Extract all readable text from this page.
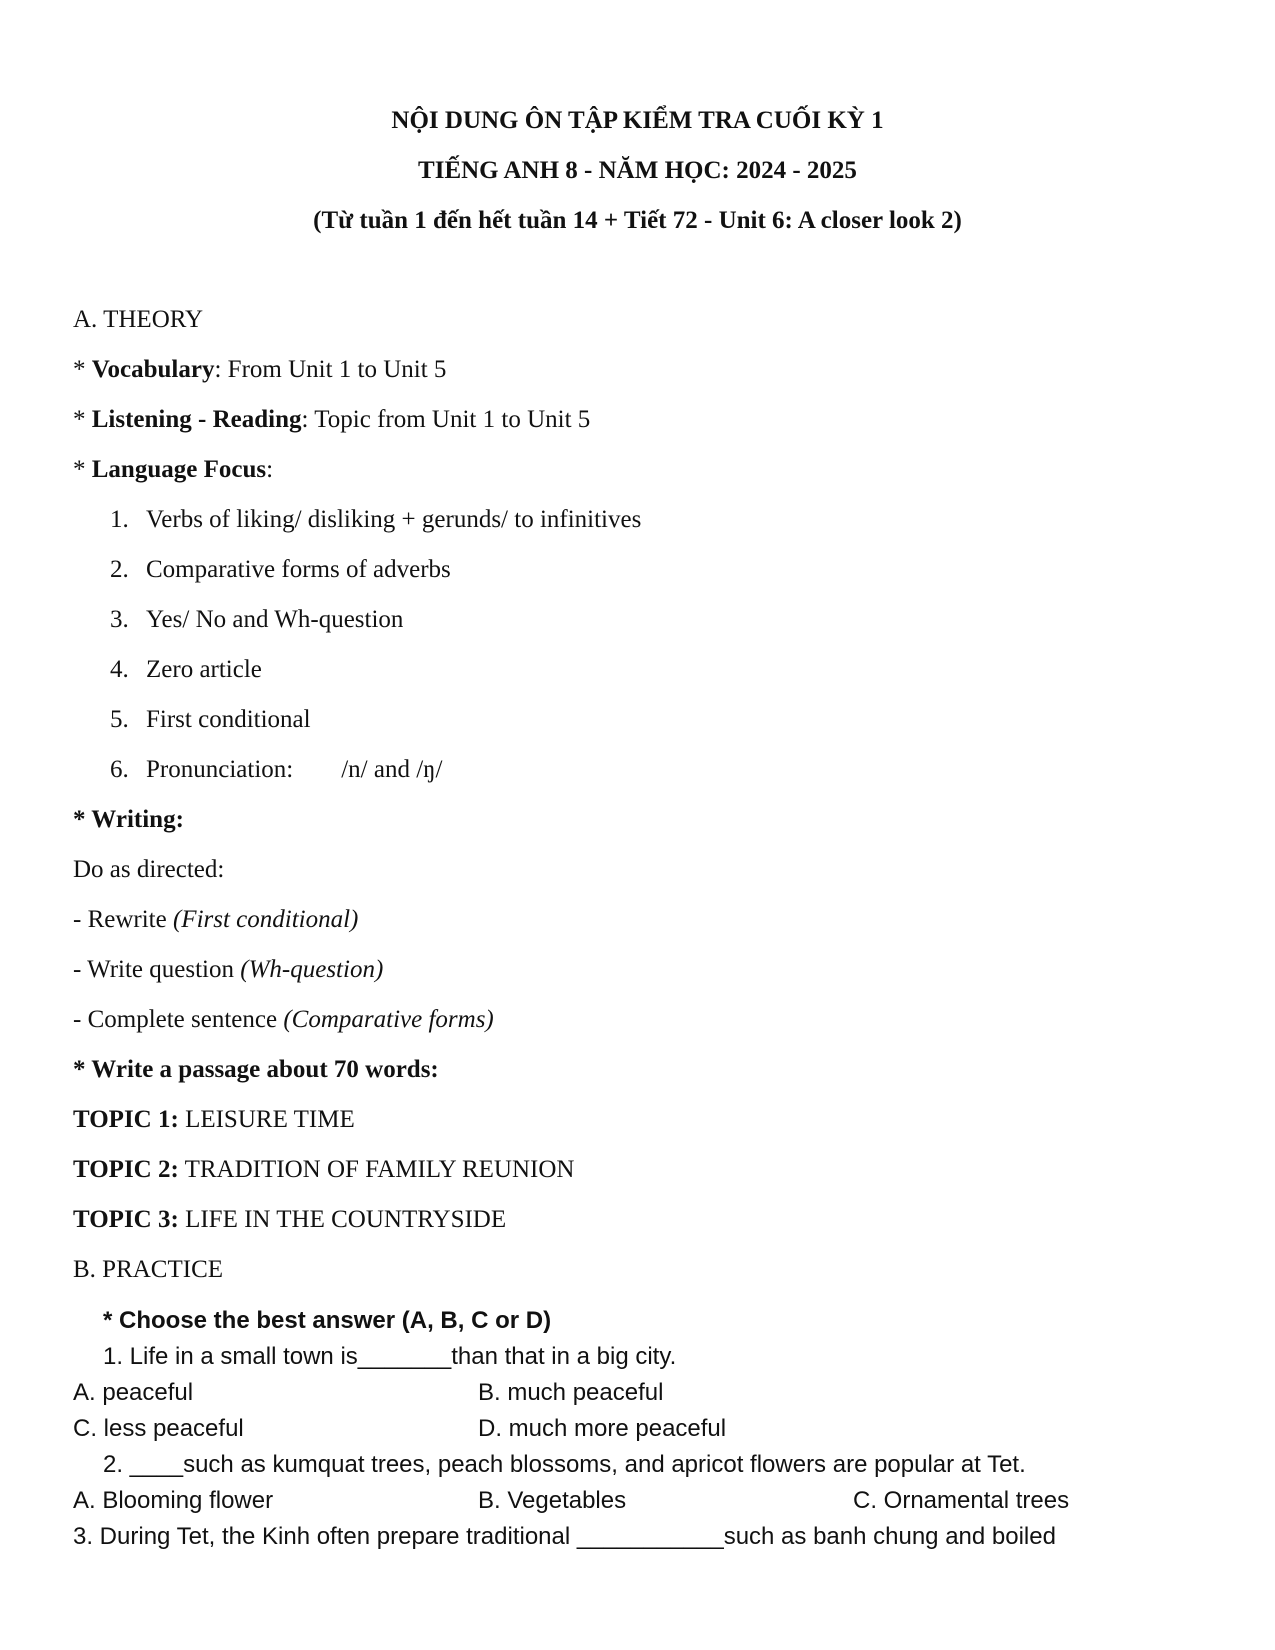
NỘI DUNG ÔN TẬP KIỂM TRA CUỐI KỲ 1
TIẾNG ANH 8 - NĂM HỌC: 2024 - 2025
(Từ tuần 1 đến hết tuần 14 + Tiết 72 - Unit 6: A closer look 2)
A. THEORY
* Vocabulary: From Unit 1 to Unit 5
* Listening - Reading: Topic from Unit 1 to Unit 5
* Language Focus:
1. Verbs of liking/ disliking + gerunds/ to infinitives
2. Comparative forms of adverbs
3. Yes/ No and Wh-question
4. Zero article
5. First conditional
6. Pronunciation: /n/ and /ŋ/
* Writing:
Do as directed:
- Rewrite (First conditional)
- Write question (Wh-question)
- Complete sentence (Comparative forms)
* Write a passage about 70 words:
TOPIC 1: LEISURE TIME
TOPIC 2: TRADITION OF FAMILY REUNION
TOPIC 3: LIFE IN THE COUNTRYSIDE
B. PRACTICE
* Choose the best answer (A, B, C or D)
1. Life in a small town is_______than that in a big city.
A. peaceful	B. much peaceful
C. less peaceful	D. much more peaceful
2. ____such as kumquat trees, peach blossoms, and apricot flowers are popular at Tet.
A. Blooming flower	B. Vegetables	C. Ornamental trees
3. During Tet, the Kinh often prepare traditional ___________such as banh chung and boiled
